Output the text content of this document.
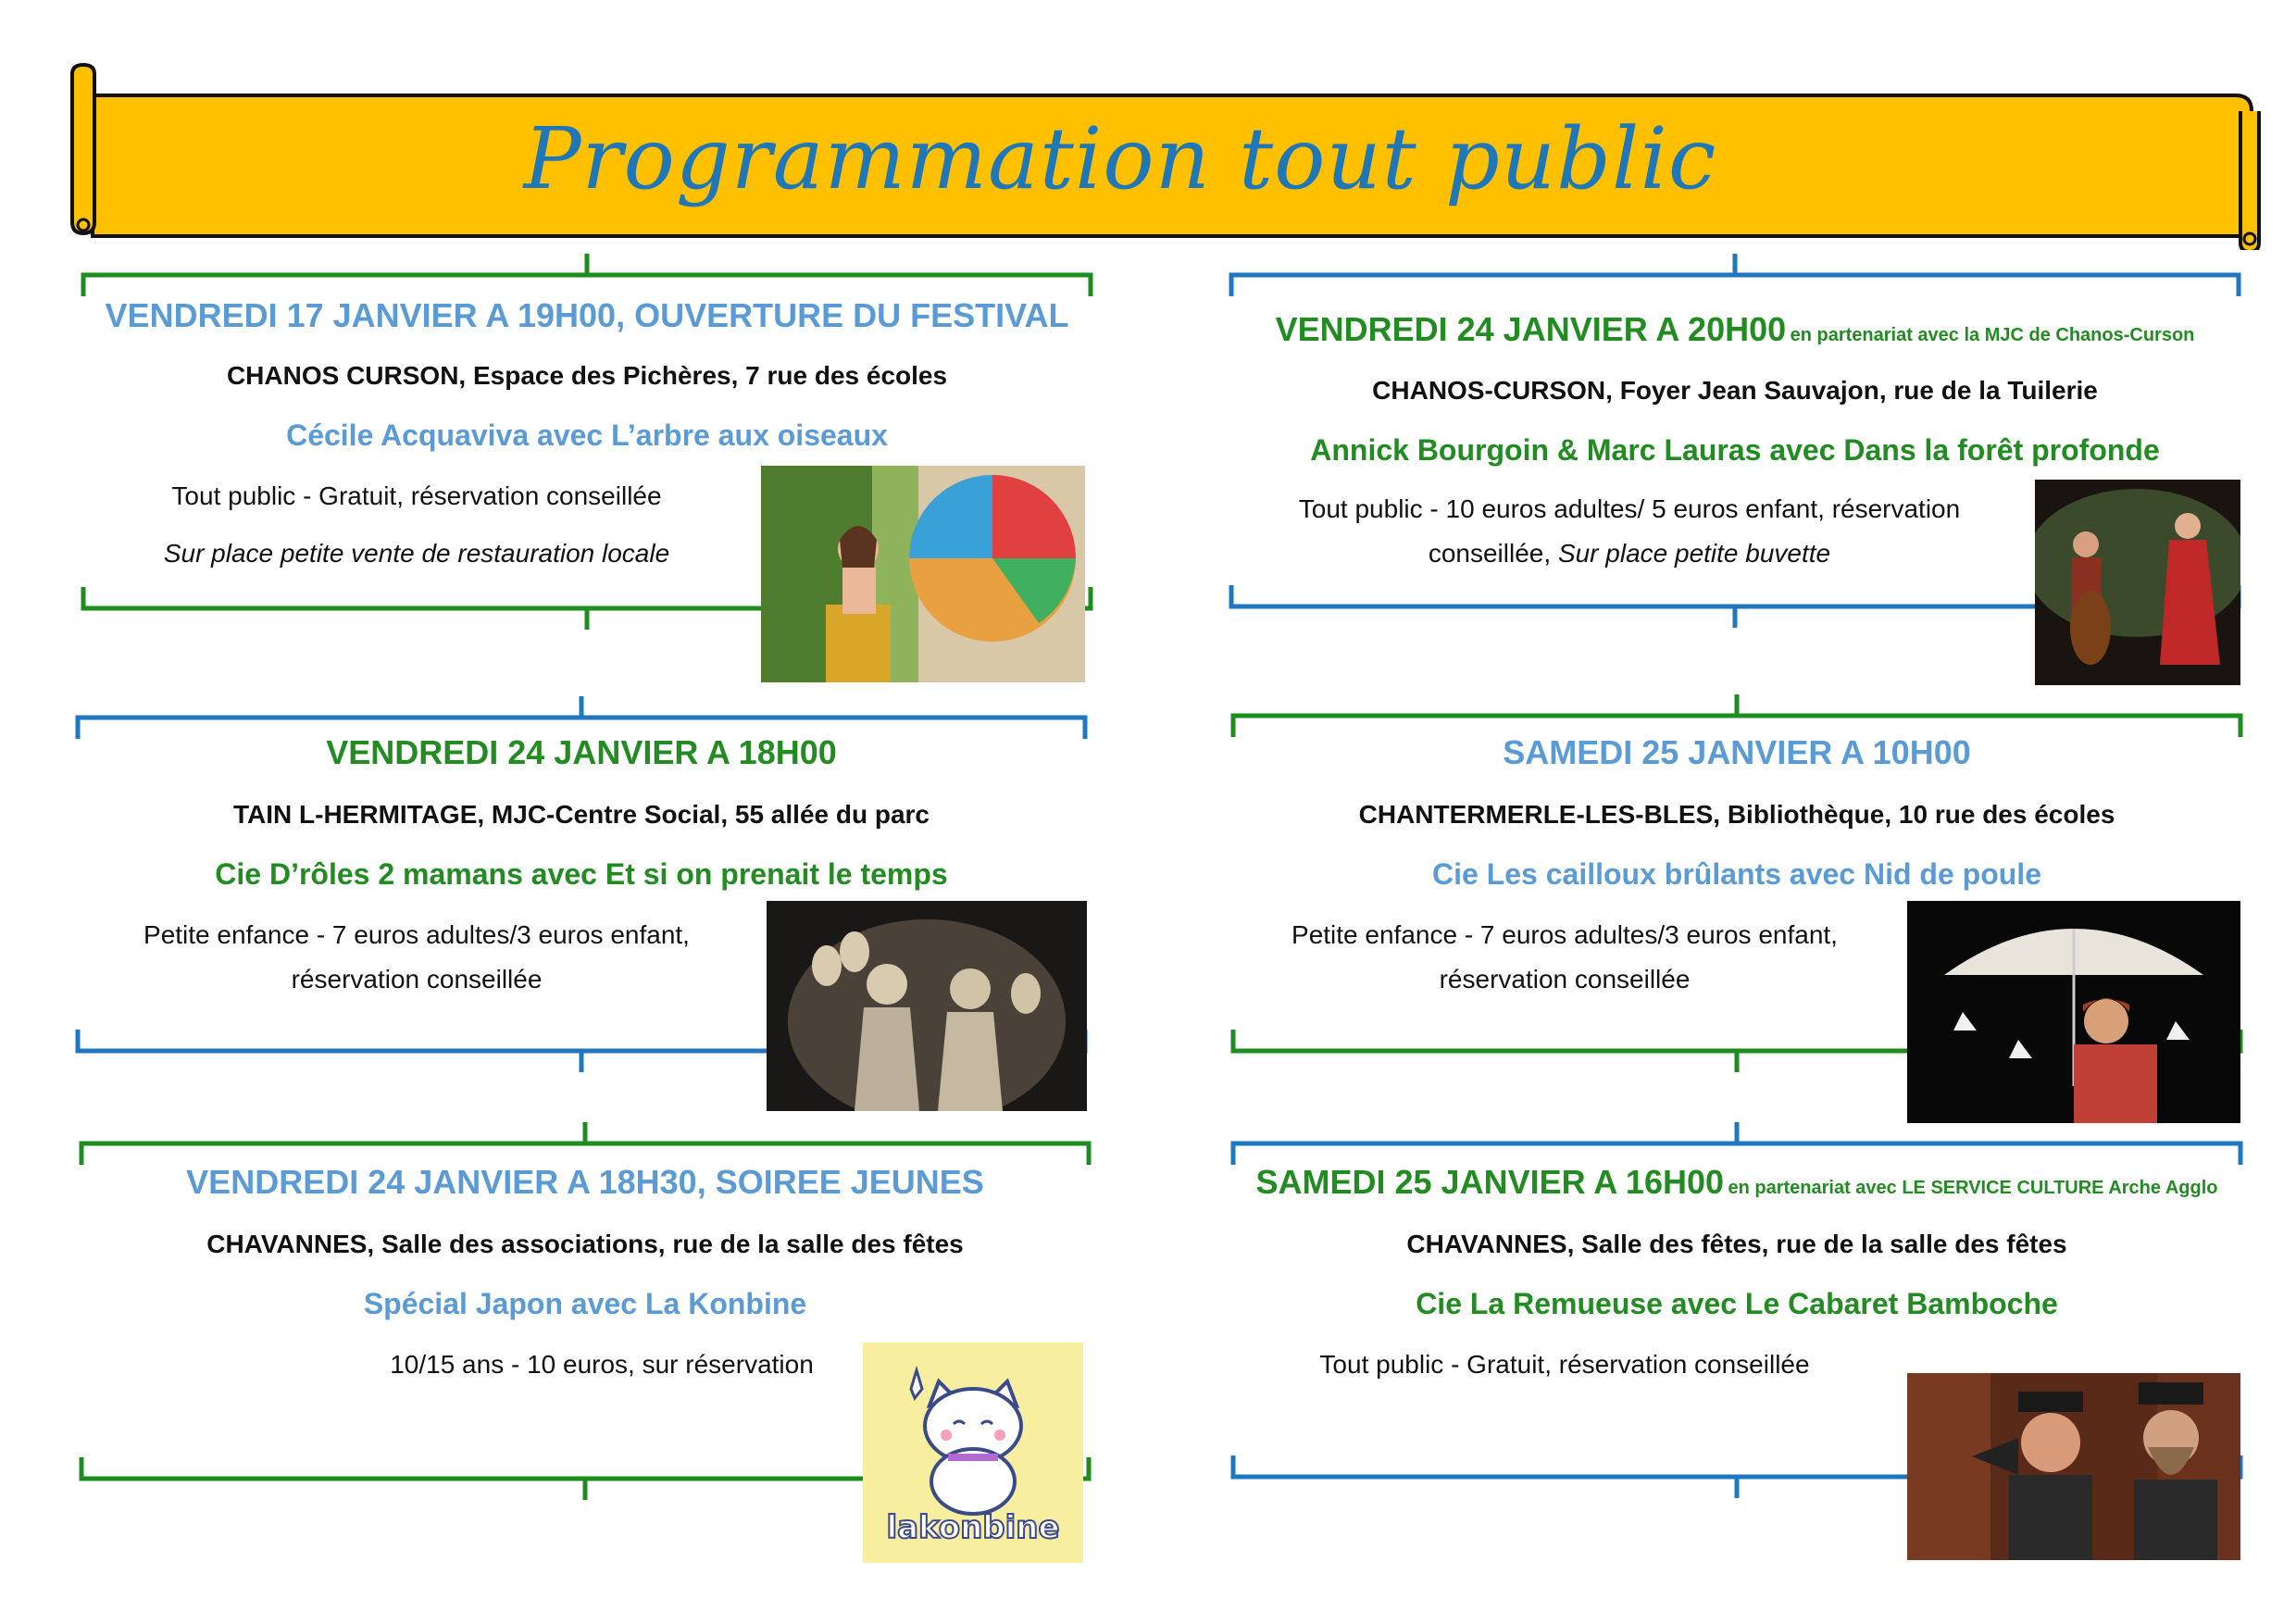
Programmation tout public
VENDREDI 17 JANVIER A 19H00, OUVERTURE DU FESTIVAL
CHANOS CURSON, Espace des Pichères, 7 rue des écoles
Cécile Acquaviva avec L’arbre aux oiseaux
Tout public - Gratuit, réservation conseillée
Sur place petite vente de restauration locale
VENDREDI 24 JANVIER A 20H00 en partenariat avec la MJC de Chanos-Curson
CHANOS-CURSON, Foyer Jean Sauvajon, rue de la Tuilerie
Annick Bourgoin & Marc Lauras avec Dans la forêt profonde
Tout public - 10 euros adultes/ 5 euros enfant, réservation
conseillée, Sur place petite buvette
VENDREDI 24 JANVIER A 18H00
TAIN L-HERMITAGE, MJC-Centre Social, 55 allée du parc
Cie D’rôles 2 mamans avec Et si on prenait le temps
Petite enfance - 7 euros adultes/3 euros enfant,
réservation conseillée
SAMEDI 25 JANVIER A 10H00
CHANTERMERLE-LES-BLES, Bibliothèque, 10 rue des écoles
Cie Les cailloux brûlants avec Nid de poule
Petite enfance - 7 euros adultes/3 euros enfant,
réservation conseillée
VENDREDI 24 JANVIER A 18H30, SOIREE JEUNES
CHAVANNES, Salle des associations, rue de la salle des fêtes
Spécial Japon avec La Konbine
10/15 ans - 10 euros, sur réservation
lakonbine
SAMEDI 25 JANVIER A 16H00 en partenariat avec LE SERVICE CULTURE Arche Agglo
CHAVANNES, Salle des fêtes, rue de la salle des fêtes
Cie La Remueuse avec Le Cabaret Bamboche
Tout public - Gratuit, réservation conseillée
